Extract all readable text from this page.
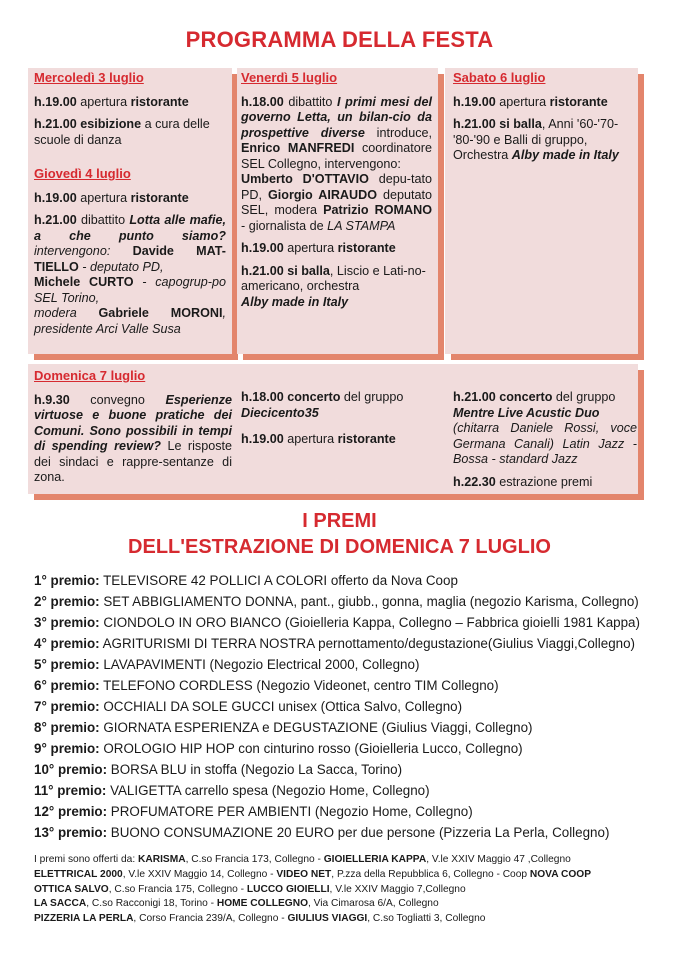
PROGRAMMA DELLA FESTA
Mercoledì 3 luglio
h.19.00 apertura ristorante
h.21.00 esibizione a cura delle scuole di danza
Giovedì 4 luglio
h.19.00 apertura ristorante
h.21.00 dibattito Lotta alle mafie, a che punto siamo? intervengono: Davide MAT-TIELLO - deputato PD,
Michele CURTO - capogrup-po SEL Torino,
modera Gabriele MORONI, presidente Arci Valle Susa
Venerdì 5 luglio
h.18.00 dibattito I primi mesi del governo Letta, un bilan-cio da prospettive diverse introduce, Enrico MANFREDI coordinatore SEL Collegno, intervengono:
Umberto D'OTTAVIO depu-tato PD, Giorgio AIRAUDO deputato SEL, modera Patrizio ROMANO - giornalista de LA STAMPA
h.19.00 apertura ristorante
h.21.00 si balla, Liscio e Lati-no-americano, orchestra
Alby made in Italy
Sabato 6 luglio
h.19.00 apertura ristorante
h.21.00 si balla, Anni '60-'70-'80-'90 e Balli di gruppo, Orchestra Alby made in Italy
Domenica 7 luglio
h.9.30 convegno Esperienze virtuose e buone pratiche dei Comuni. Sono possibili in tempi di spending review? Le risposte dei sindaci e rappre-sentanze di zona.
h.18.00 concerto del gruppo
Diecicento35
h.19.00 apertura ristorante
h.21.00 concerto del gruppo
Mentre Live Acustic Duo
(chitarra Daniele Rossi, voce Germana Canali) Latin Jazz - Bossa - standard Jazz
h.22.30 estrazione premi
I PREMI
DELL'ESTRAZIONE DI DOMENICA 7 LUGLIO
1° premio: TELEVISORE 42 POLLICI A COLORI offerto da Nova Coop
2° premio: SET ABBIGLIAMENTO DONNA, pant., giubb., gonna, maglia (negozio Karisma, Collegno)
3° premio: CIONDOLO IN ORO BIANCO (Gioielleria Kappa, Collegno – Fabbrica gioielli 1981 Kappa)
4° premio: AGRITURISMI DI TERRA NOSTRA pernottamento/degustazione(Giulius Viaggi,Collegno)
5° premio: LAVAPAVIMENTI (Negozio Electrical 2000, Collegno)
6° premio: TELEFONO CORDLESS (Negozio Videonet, centro TIM Collegno)
7° premio: OCCHIALI DA SOLE GUCCI unisex (Ottica Salvo, Collegno)
8° premio: GIORNATA ESPERIENZA e DEGUSTAZIONE (Giulius Viaggi, Collegno)
9° premio: OROLOGIO HIP HOP con cinturino rosso (Gioielleria Lucco, Collegno)
10° premio: BORSA BLU in stoffa (Negozio La Sacca, Torino)
11° premio: VALIGETTA carrello spesa (Negozio Home, Collegno)
12° premio: PROFUMATORE PER AMBIENTI (Negozio Home, Collegno)
13° premio: BUONO CONSUMAZIONE 20 EURO per due persone (Pizzeria La Perla, Collegno)
I premi sono offerti da: KARISMA, C.so Francia 173, Collegno - GIOIELLERIA KAPPA, V.le XXIV Maggio 47 ,Collegno
ELETTRICAL 2000, V.le XXIV Maggio 14, Collegno - VIDEO NET, P.zza della Repubblica 6, Collegno - Coop NOVA COOP
OTTICA SALVO, C.so Francia 175, Collegno - LUCCO GIOIELLI, V.le XXIV Maggio 7,Collegno
LA SACCA, C.so Racconigi 18, Torino - HOME COLLEGNO, Via Cimarosa 6/A, Collegno
PIZZERIA LA PERLA, Corso Francia 239/A, Collegno - GIULIUS VIAGGI, C.so Togliatti 3, Collegno
